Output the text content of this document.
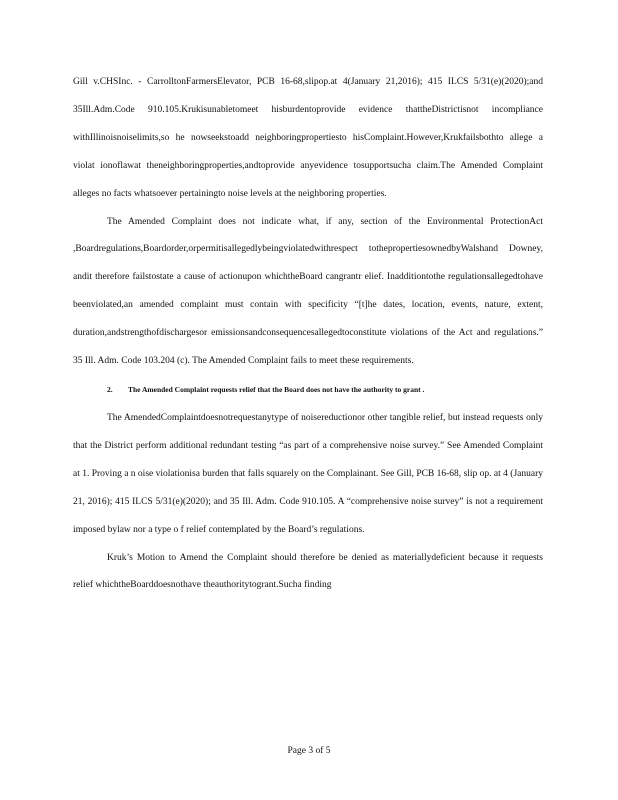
Gill v.CHSInc. - CarrolltonFarmersElevator, PCB 16-68,slipop.at 4(January 21,2016); 415 ILCS 5/31(e)(2020);and 35Ill.Adm.Code 910.105.Krukisunabletomeet hisburdentoprovide evidence thattheDistrictisnot incompliance withIllinoisnoiselimits,so he nowseekstoadd neighboringpropertiesto hisComplaint.However,Krukfailsbothto allege a violat ionoflawat theneighboringproperties,andtoprovide anyevidence tosupportsucha claim.The Amended Complaint alleges no facts whatsoever pertainingto noise levels at the neighboring properties.

The Amended Complaint does not indicate what, if any, section of the Environmental ProtectionAct ,Boardregulations,Boardorder,orpermitisallegedlybeingviolatedwithrespect tothepropertiesownedbyWalshand Downey, andit therefore failstostate a cause of actionupon whichtheBoard cangrantr elief. Inadditiontothe regulationsallegedtohave beenviolated,an amended complaint must contain with specificity “[t]he dates, location, events, nature, extent, duration,andstrengthofdischargesor emissionsandconsequencesallegedtoconstitute violations of the Act and regulations.” 35 Ill. Adm. Code 103.204 (c). The Amended Complaint fails to meet these requirements.

2. The Amended Complaint requests relief that the Board does not have the authority to grant .

The AmendedComplaintdoesnotrequestanytype of noisereductionor other tangible relief, but instead requests only that the District perform additional redundant testing “as part of a comprehensive noise survey.” See Amended Complaint at 1. Proving a n oise violationisa burden that falls squarely on the Complainant. See Gill, PCB 16-68, slip op. at 4 (January 21, 2016); 415 ILCS 5/31(e)(2020); and 35 Ill. Adm. Code 910.105. A “comprehensive noise survey” is not a requirement imposed bylaw nor a type o f relief contemplated by the Board’s regulations.

Kruk’s Motion to Amend the Complaint should therefore be denied as materiallydeficient because it requests relief whichtheBoarddoesnothave theauthoritytogrant.Sucha finding

Page 3 of 5
